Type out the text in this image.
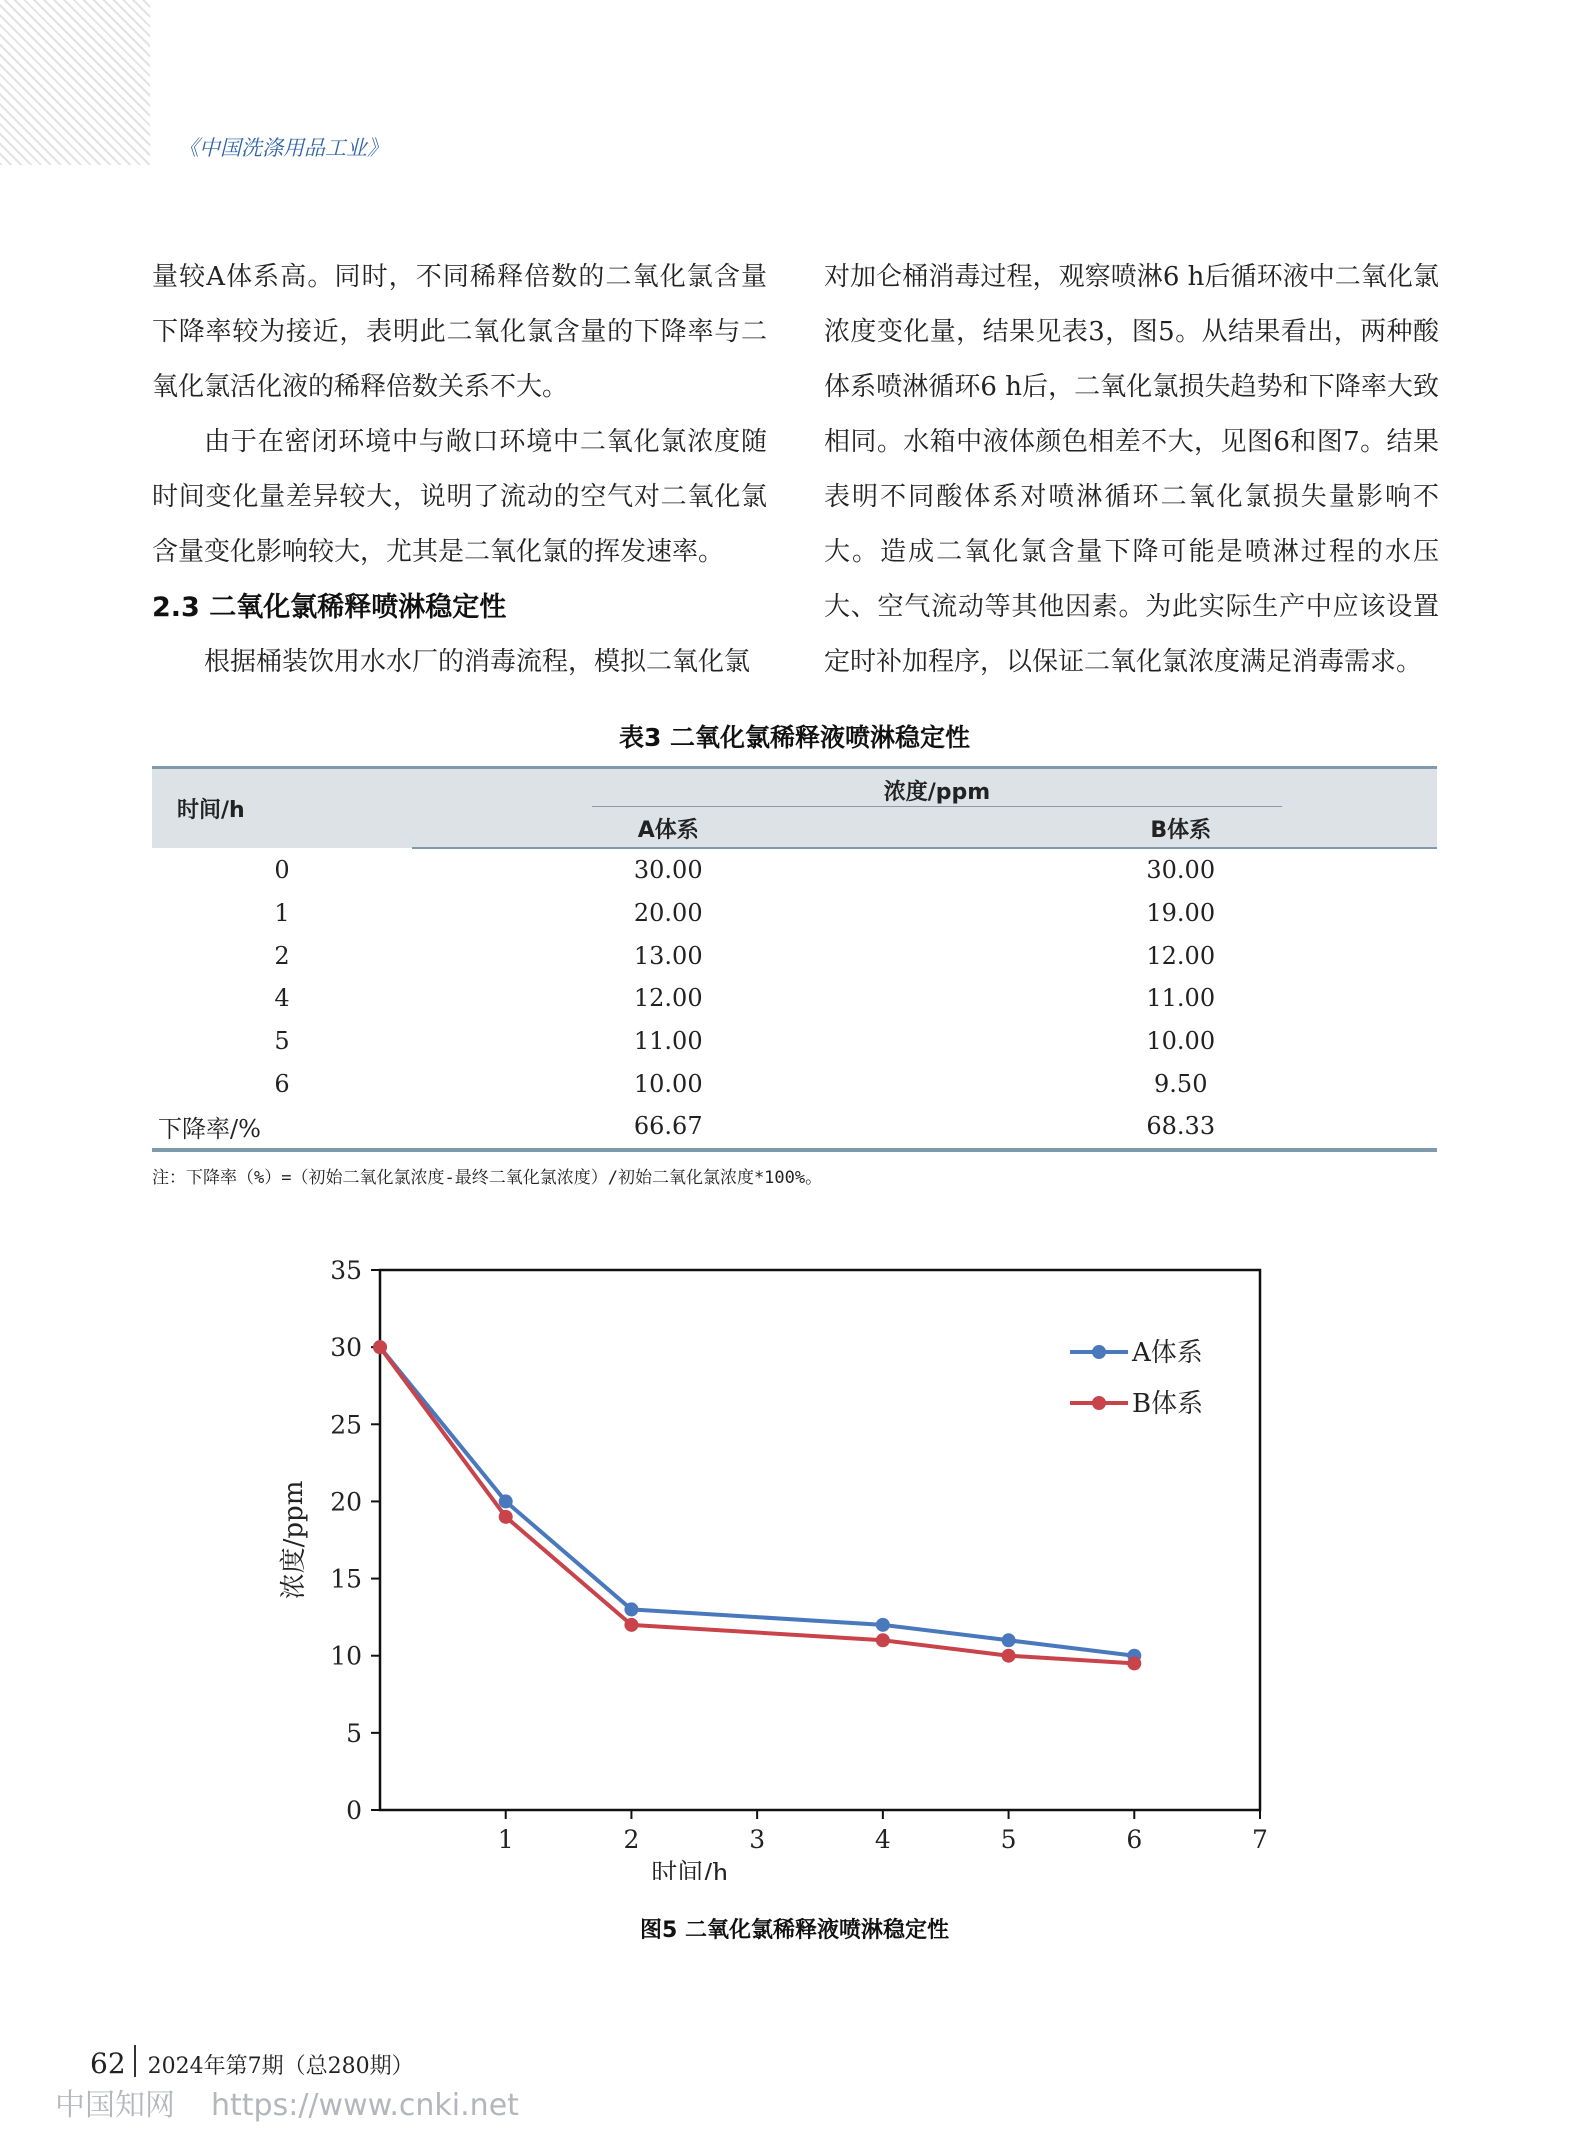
《中国洗涤用品工业》

量较A体系高。同时，不同稀释倍数的二氧化氯含量下降率较为接近，表明此二氧化氯含量的下降率与二氧化氯活化液的稀释倍数关系不大。

由于在密闭环境中与敞口环境中二氧化氯浓度随时间变化量差异较大，说明了流动的空气对二氧化氯含量变化影响较大，尤其是二氧化氯的挥发速率。

2.3 二氧化氯稀释喷淋稳定性

根据桶装饮用水水厂的消毒流程，模拟二氧化氯

对加仑桶消毒过程，观察喷淋6 h后循环液中二氧化氯浓度变化量，结果见表3，图5。从结果看出，两种酸体系喷淋循环6 h后，二氧化氯损失趋势和下降率大致相同。水箱中液体颜色相差不大，见图6和图7。结果表明不同酸体系对喷淋循环二氧化氯损失量影响不大。造成二氧化氯含量下降可能是喷淋过程的水压大、空气流动等其他因素。为此实际生产中应该设置定时补加程序，以保证二氧化氯浓度满足消毒需求。

表3 二氧化氯稀释液喷淋稳定性
时间/h	浓度/ppm	

	A体系	B体系
0	30.00	30.00
1	20.00	19.00
2	13.00	12.00
4	12.00	11.00
5	11.00	10.00
6	10.00	9.50
下降率/%	66.67	68.33
注：下降率（%）=（初始二氧化氯浓度-最终二氧化氯浓度）/初始二氧化氯浓度*100%。
0
5
10
15
20
25
30
35
1	2	3	4	5	6	7
A体系
B体系
时间/h
浓度/ppm
图5 二氧化氯稀释液喷淋稳定性
62 2024年第7期（总280期）
中国知网 https://www.cnki.net
